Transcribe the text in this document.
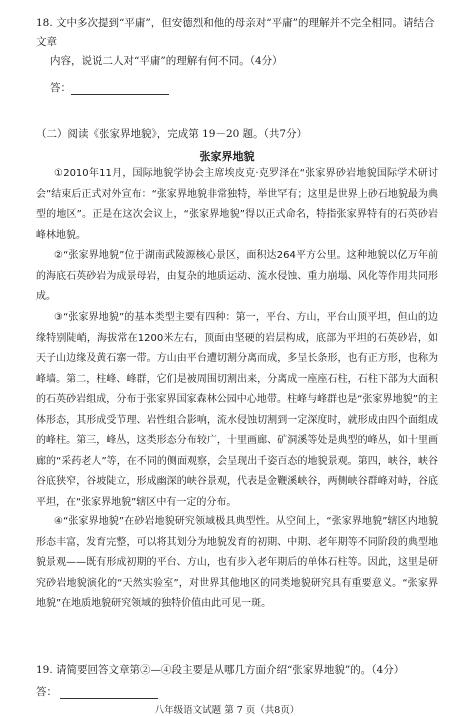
18. 文中多次提到“平庸”，但安德烈和他的母亲对“平庸”的理解并不完全相同。请结合文章
内容，说说二人对“平庸”的理解有何不同。（4分）
答：
（二）阅读《张家界地貌》，完成第 19－20 题。（共7分）
张家界地貌
①2010年11月，国际地貌学协会主席埃皮克·克罗泽在“张家界砂岩地貌国际学术研讨会”结束后正式对外宣布：“张家界地貌非常独特，举世罕有；这里是世界上砂石地貌最为典型的地区”。正是在这次会议上，“张家界地貌”得以正式命名，特指张家界特有的石英砂岩峰林地貌。
②“张家界地貌”位于湖南武陵源核心景区，面积达264平方公里。这种地貌以亿万年前的海底石英砂岩为成景母岩，由复杂的地质运动、流水侵蚀、重力崩塌、风化等作用共同形成。
③“张家界地貌”的基本类型主要有四种：第一，平台、方山，平台山顶平坦，但山的边缘特别陡峭，海拔常在1200米左右，顶面由坚硬的岩层构成，底部为平坦的石英砂岩，如天子山边缘及黄石寨一带。方山由平台遭切割分离而成，多呈长条形，也有正方形，也称为峰墙。第二，柱峰、峰群，它们是被周围切割出来，分离成一座座石柱，石柱下部为大面积的石英砂岩组成，分布于张家界国家森林公园中心地带。柱峰与峰群也是“张家界地貌”的主体形态，其形成受节理、岩性组合影响，流水侵蚀切割到一定深度时，就形成由四个面组成的峰柱。第三，峰丛，这类形态分布较广，十里画廊、矿洞溪等处是典型的峰丛，如十里画廊的“采药老人”等，在不同的侧面观察，会呈现出千姿百态的地貌景观。第四，峡谷，峡谷谷底狭窄，谷坡陡立，形成幽深的峡谷景观，代表是金鞭溪峡谷，两侧峡谷群峰对峙，谷底平坦，在“张家界地貌”辖区中有一定的分布。
④“张家界地貌”在砂岩地貌研究领域极具典型性。从空间上，“张家界地貌”辖区内地貌形态丰富，发育完整，可以将其划分为地貌发育的初期、中期、老年期等不同阶段的典型地貌景观——既有形成初期的平台、方山，也有步入老年期后的单体石柱等。因此，这里是研究砂岩地貌演化的“天然实验室”，对世界其他地区的同类地貌研究具有重要意义。“张家界地貌”在地质地貌研究领域的独特价值由此可见一斑。
19. 请简要回答文章第②—④段主要是从哪几方面介绍“张家界地貌”的。（4分）
答：
八年级语文试题 第 7 页（共8页）
